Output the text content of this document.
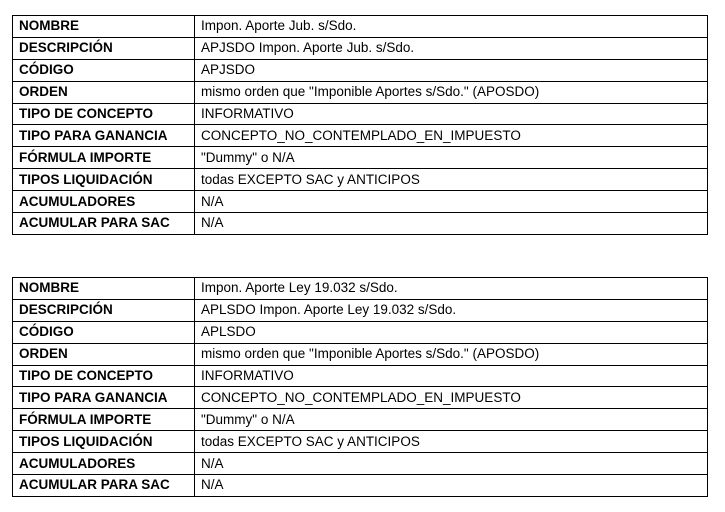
NOMBRE	Impon. Aporte Jub. s/Sdo.
DESCRIPCIÓN	APJSDO Impon. Aporte Jub. s/Sdo.
CÓDIGO	APJSDO
ORDEN	mismo orden que "Imponible Aportes s/Sdo." (APOSDO)
TIPO DE CONCEPTO	INFORMATIVO
TIPO PARA GANANCIA	CONCEPTO_NO_CONTEMPLADO_EN_IMPUESTO
FÓRMULA IMPORTE	"Dummy" o N/A
TIPOS LIQUIDACIÓN	todas EXCEPTO SAC y ANTICIPOS
ACUMULADORES	N/A
ACUMULAR PARA SAC	N/A
NOMBRE	Impon. Aporte Ley 19.032 s/Sdo.
DESCRIPCIÓN	APLSDO Impon. Aporte Ley 19.032 s/Sdo.
CÓDIGO	APLSDO
ORDEN	mismo orden que "Imponible Aportes s/Sdo." (APOSDO)
TIPO DE CONCEPTO	INFORMATIVO
TIPO PARA GANANCIA	CONCEPTO_NO_CONTEMPLADO_EN_IMPUESTO
FÓRMULA IMPORTE	"Dummy" o N/A
TIPOS LIQUIDACIÓN	todas EXCEPTO SAC y ANTICIPOS
ACUMULADORES	N/A
ACUMULAR PARA SAC	N/A
